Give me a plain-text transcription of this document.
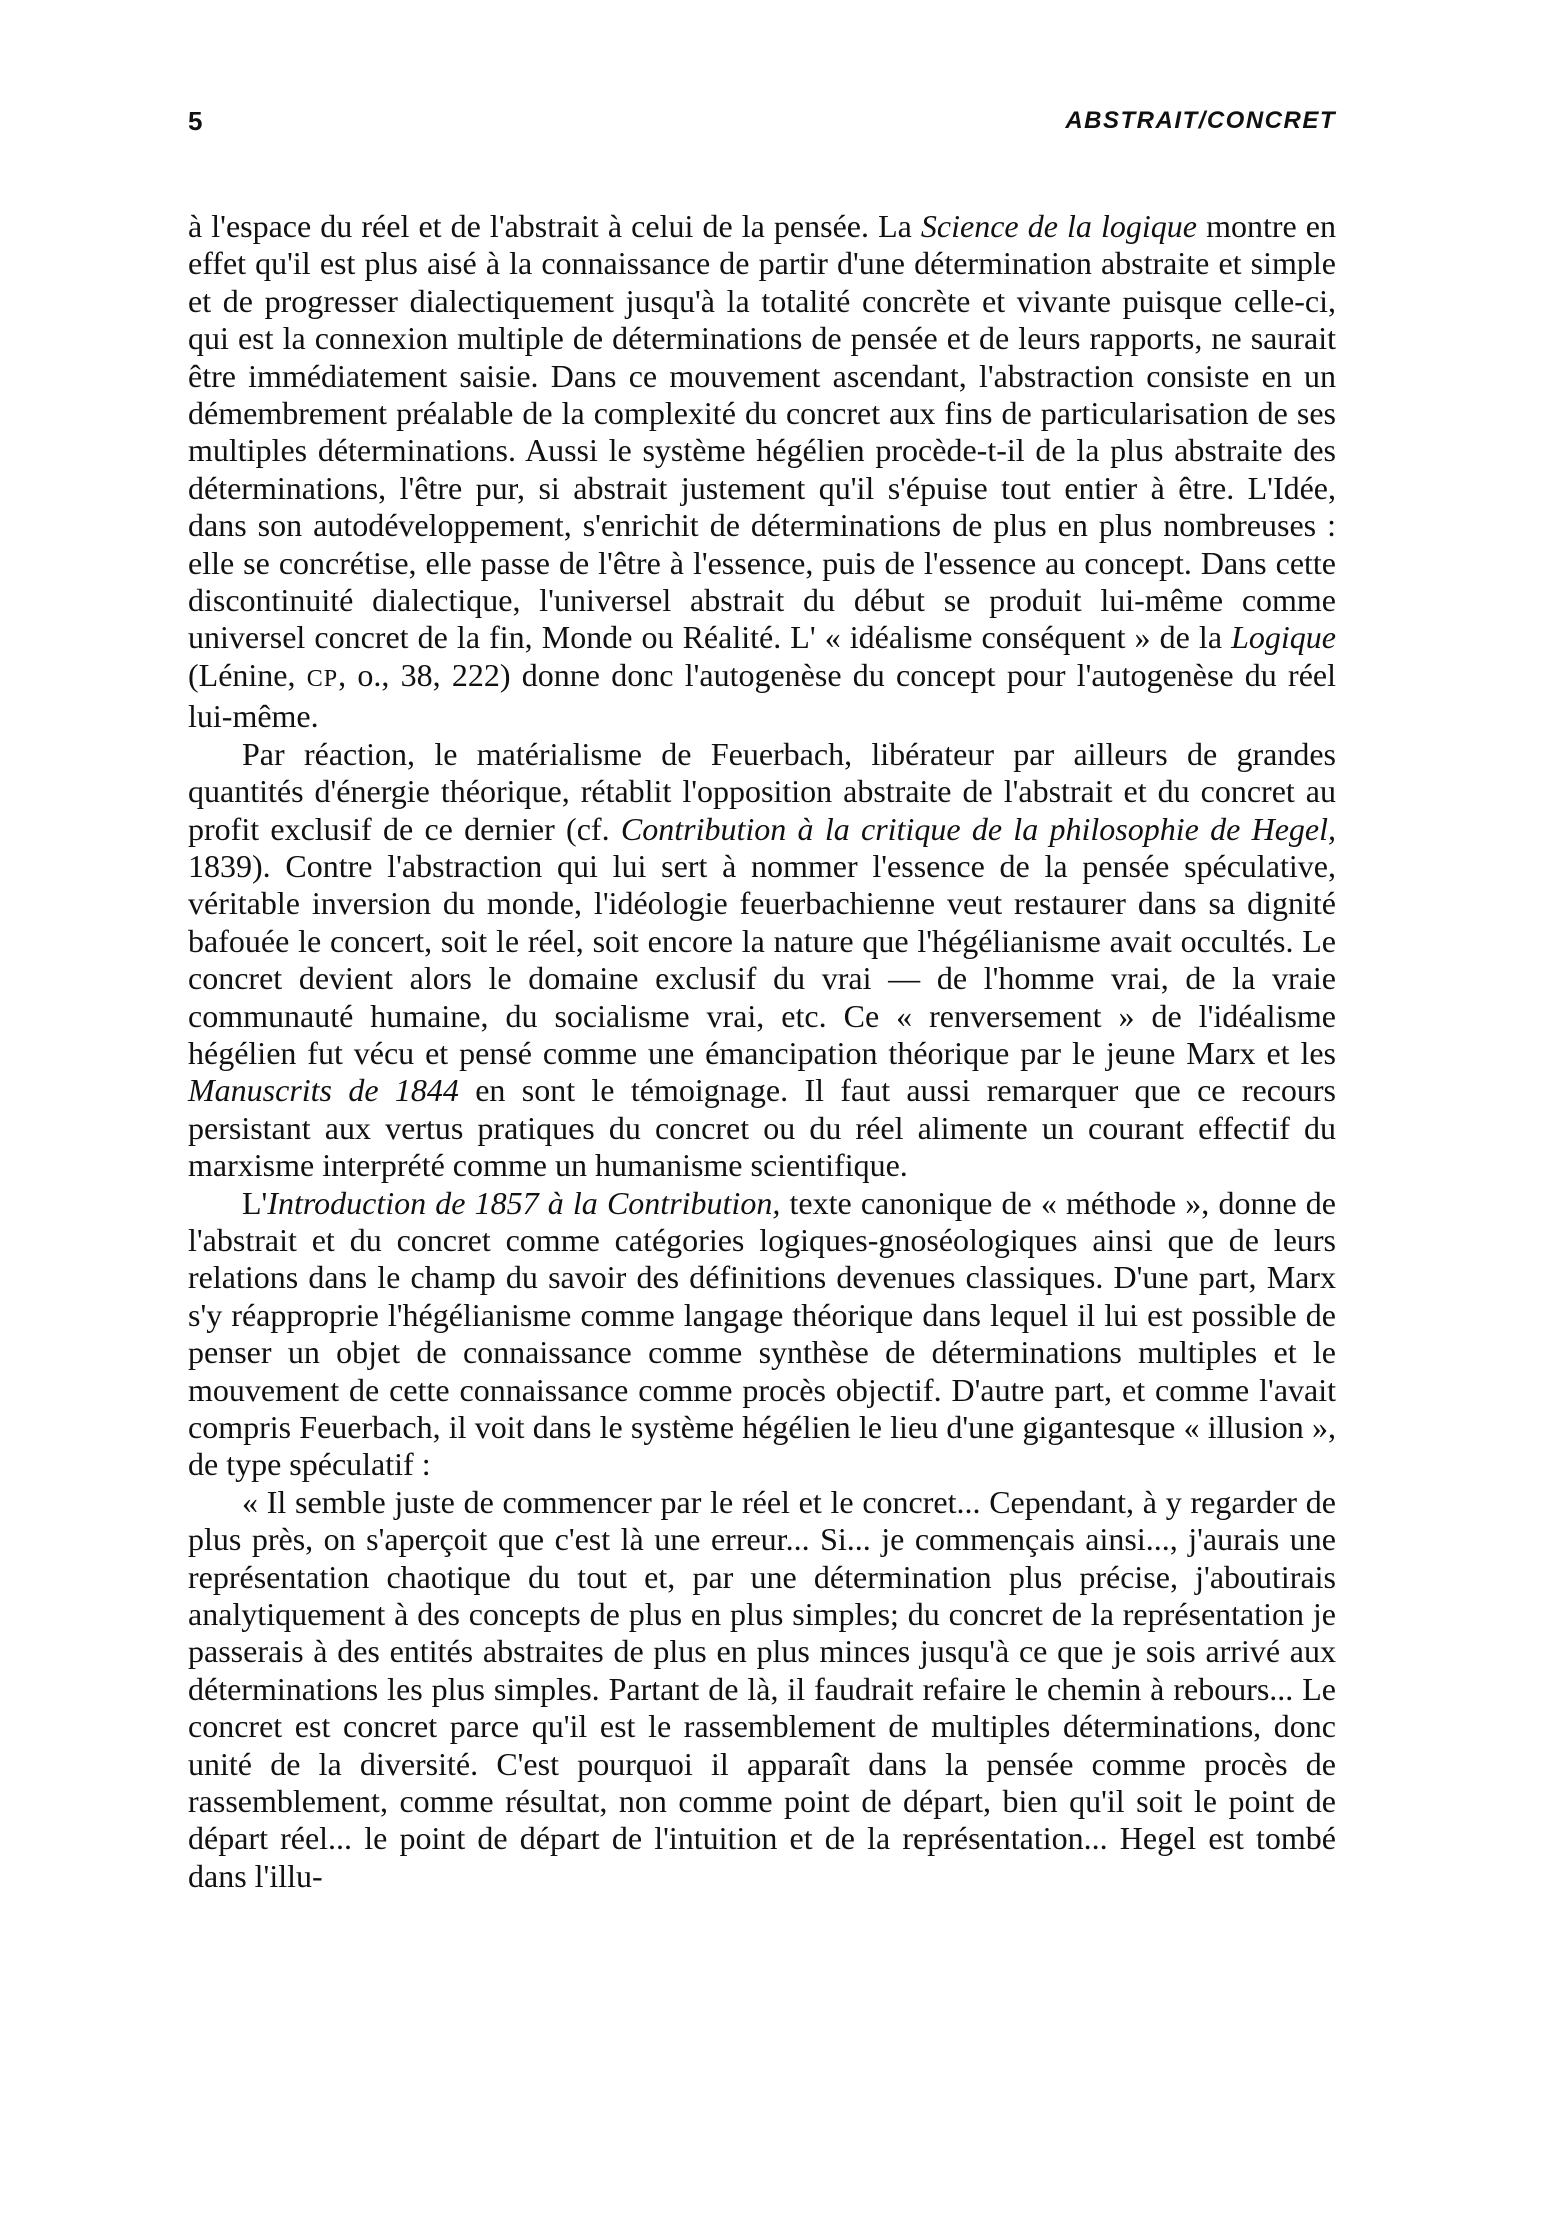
5	ABSTRAIT/CONCRET

à l'espace du réel et de l'abstrait à celui de la pensée. La Science de la logique montre en effet qu'il est plus aisé à la connaissance de partir d'une détermination abstraite et simple et de progresser dialectiquement jusqu'à la totalité concrète et vivante puisque celle-ci, qui est la connexion multiple de déterminations de pensée et de leurs rapports, ne saurait être immédiatement saisie. Dans ce mouvement ascendant, l'abstraction consiste en un démembrement préalable de la complexité du concret aux fins de particularisation de ses multiples déterminations. Aussi le système hégélien procède-t-il de la plus abstraite des déterminations, l'être pur, si abstrait justement qu'il s'épuise tout entier à être. L'Idée, dans son autodéveloppement, s'enrichit de déterminations de plus en plus nombreuses : elle se concrétise, elle passe de l'être à l'essence, puis de l'essence au concept. Dans cette discontinuité dialectique, l'universel abstrait du début se produit lui-même comme universel concret de la fin, Monde ou Réalité. L' « idéalisme conséquent » de la Logique (Lénine, CP, o., 38, 222) donne donc l'autogenèse du concept pour l'autogenèse du réel lui-même.

Par réaction, le matérialisme de Feuerbach, libérateur par ailleurs de grandes quantités d'énergie théorique, rétablit l'opposition abstraite de l'abstrait et du concret au profit exclusif de ce dernier (cf. Contribution à la critique de la philosophie de Hegel, 1839). Contre l'abstraction qui lui sert à nommer l'essence de la pensée spéculative, véritable inversion du monde, l'idéologie feuerbachienne veut restaurer dans sa dignité bafouée le concert, soit le réel, soit encore la nature que l'hégélianisme avait occultés. Le concret devient alors le domaine exclusif du vrai — de l'homme vrai, de la vraie communauté humaine, du socialisme vrai, etc. Ce « renversement » de l'idéalisme hégélien fut vécu et pensé comme une émancipation théorique par le jeune Marx et les Manuscrits de 1844 en sont le témoignage. Il faut aussi remarquer que ce recours persistant aux vertus pratiques du concret ou du réel alimente un courant effectif du marxisme interprété comme un humanisme scientifique.

L'Introduction de 1857 à la Contribution, texte canonique de « méthode », donne de l'abstrait et du concret comme catégories logiques-gnoséologiques ainsi que de leurs relations dans le champ du savoir des définitions devenues classiques. D'une part, Marx s'y réapproprie l'hégélianisme comme langage théorique dans lequel il lui est possible de penser un objet de connaissance comme synthèse de déterminations multiples et le mouvement de cette connaissance comme procès objectif. D'autre part, et comme l'avait compris Feuerbach, il voit dans le système hégélien le lieu d'une gigantesque « illusion », de type spéculatif :

« Il semble juste de commencer par le réel et le concret... Cependant, à y regarder de plus près, on s'aperçoit que c'est là une erreur... Si... je commençais ainsi..., j'aurais une représentation chaotique du tout et, par une détermination plus précise, j'aboutirais analytiquement à des concepts de plus en plus simples; du concret de la représentation je passerais à des entités abstraites de plus en plus minces jusqu'à ce que je sois arrivé aux déterminations les plus simples. Partant de là, il faudrait refaire le chemin à rebours... Le concret est concret parce qu'il est le rassemblement de multiples déterminations, donc unité de la diversité. C'est pourquoi il apparaît dans la pensée comme procès de rassemblement, comme résultat, non comme point de départ, bien qu'il soit le point de départ réel... le point de départ de l'intuition et de la représentation... Hegel est tombé dans l'illu-
